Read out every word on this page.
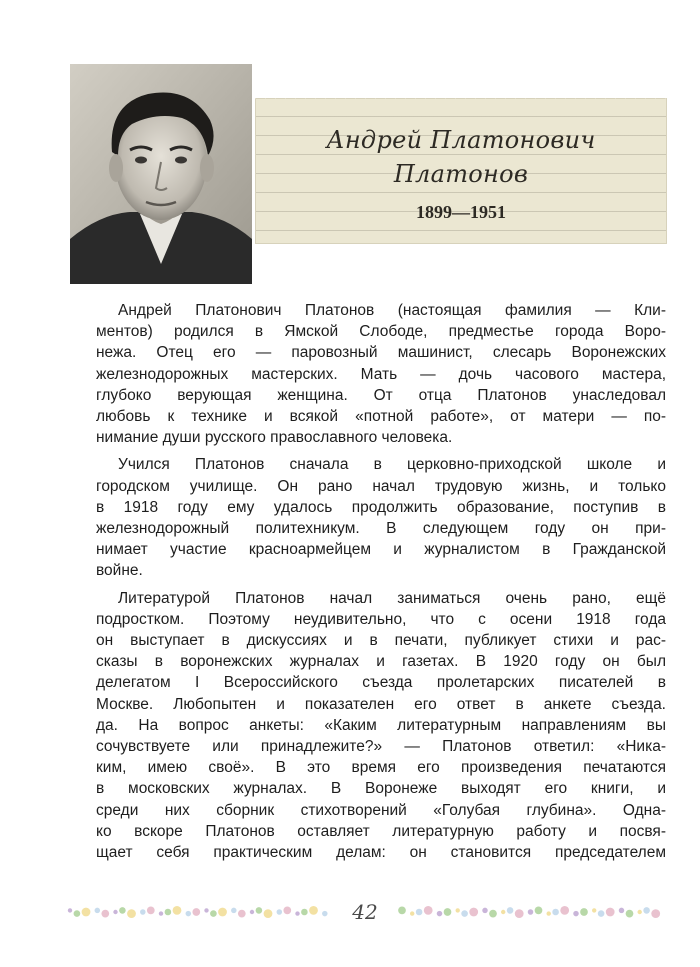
Андрей Платонович
Платонов
1899—1951
Андрей Платонович Платонов (настоящая фамилия — Кли-
ментов) родился в Ямской Слободе, предместье города Воро-
нежа. Отец его — паровозный машинист, слесарь Воронежских
железнодорожных мастерских. Мать — дочь часового мастера,
глубоко верующая женщина. От отца Платонов унаследовал
любовь к технике и всякой «потной работе», от матери — по-
нимание души русского православного человека.
Учился Платонов сначала в церковно-приходской школе и
городском училище. Он рано начал трудовую жизнь, и только
в 1918 году ему удалось продолжить образование, поступив в
железнодорожный политехникум. В следующем году он при-
нимает участие красноармейцем и журналистом в Гражданской
войне.
Литературой Платонов начал заниматься очень рано, ещё
подростком. Поэтому неудивительно, что с осени 1918 года
он выступает в дискуссиях и в печати, публикует стихи и рас-
сказы в воронежских журналах и газетах. В 1920 году он был
делегатом I Всероссийского съезда пролетарских писателей в
Москве. Любопытен и показателен его ответ в анкете съезда.
да. На вопрос анкеты: «Каким литературным направлениям вы
сочувствуете или принадлежите?» — Платонов ответил: «Ника-
ким, имею своё». В это время его произведения печатаются
в московских журналах. В Воронеже выходят его книги, и
среди них сборник стихотворений «Голубая глубина». Однa-
ко вскоре Платонов оставляет литературную работу и посвя-
щает себя практическим делам: он становится председателем
42
